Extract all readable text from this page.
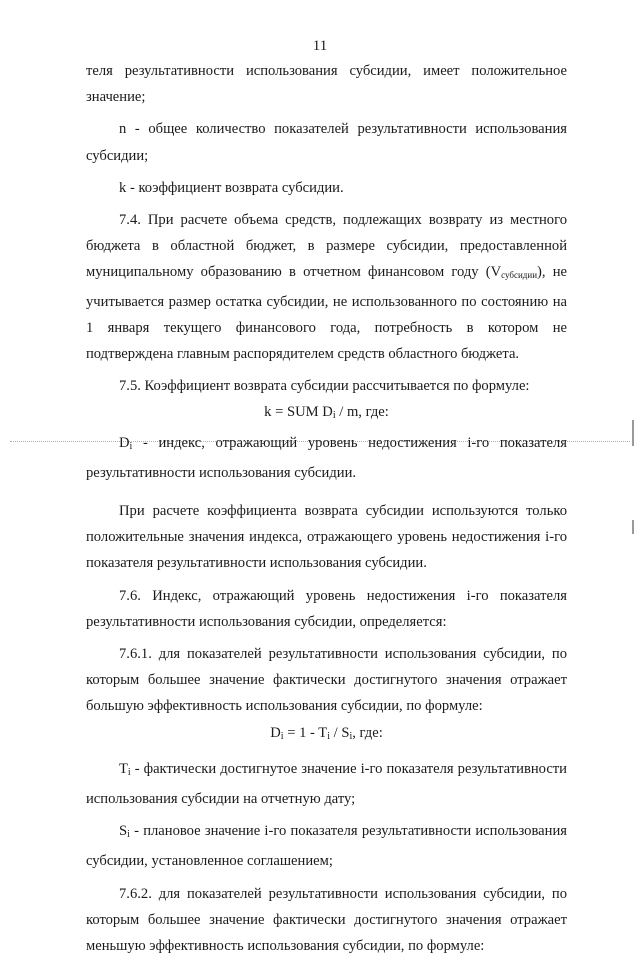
11

теля результативности использования субсидии, имеет положительное значение;

n - общее количество показателей результативности использования субсидии;

k - коэффициент возврата субсидии.

7.4. При расчете объема средств, подлежащих возврату из местного бюджета в областной бюджет, в размере субсидии, предоставленной муниципальному образованию в отчетном финансовом году (Vсубсидии), не учитывается размер остатка субсидии, не использованного по состоянию на 1 января текущего финансового года, потребность в котором не подтверждена главным распорядителем средств областного бюджета.

7.5. Коэффициент возврата субсидии рассчитывается по формуле:

k = SUM $D_i$ / m, где:

$D_i$ - индекс, отражающий уровень недостижения i-го показателя результативности использования субсидии.

При расчете коэффициента возврата субсидии используются только положительные значения индекса, отражающего уровень недостижения i-го показателя результативности использования субсидии.

7.6. Индекс, отражающий уровень недостижения i-го показателя результативности использования субсидии, определяется:

7.6.1. для показателей результативности использования субсидии, по которым большее значение фактически достигнутого значения отражает большую эффективность использования субсидии, по формуле:

$D_i = 1 - T_i / S_i$, где:

$T_i$ - фактически достигнутое значение i-го показателя результативности использования субсидии на отчетную дату;

$S_i$ - плановое значение i-го показателя результативности использования субсидии, установленное соглашением;

7.6.2. для показателей результативности использования субсидии, по которым большее значение фактически достигнутого значения отражает меньшую эффективность использования субсидии, по формуле:
